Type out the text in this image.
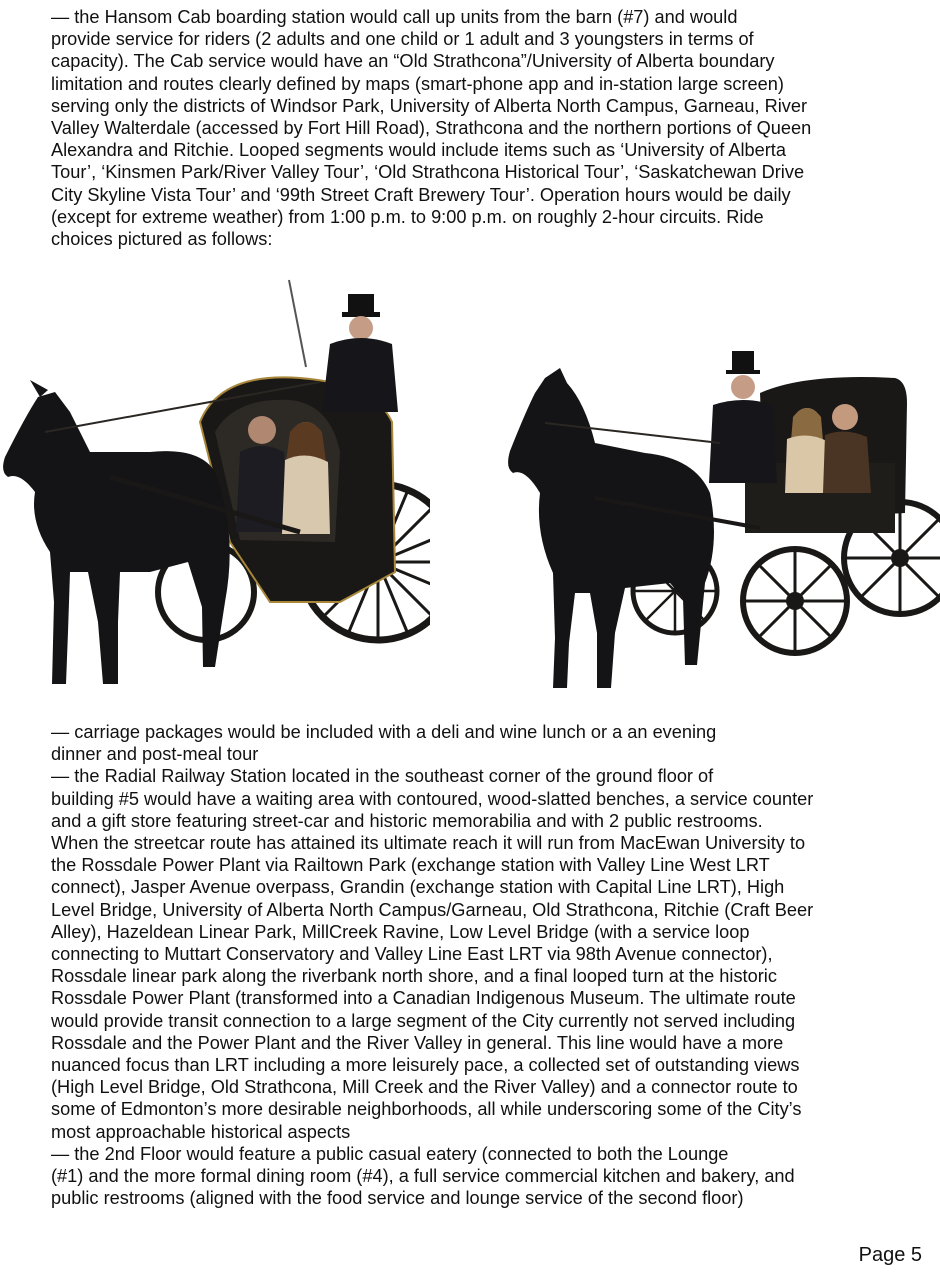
— the Hansom Cab boarding station would call up units from the barn (#7) and would
provide service for riders (2 adults and one child or 1 adult and 3 youngsters in terms of
capacity). The Cab service would have an “Old Strathcona”/University of Alberta boundary
limitation and routes clearly defined by maps (smart-phone app and in-station large screen)
serving only the districts of Windsor Park, University of Alberta North Campus, Garneau, River
Valley Walterdale (accessed by Fort Hill Road), Strathcona and the northern portions of Queen
Alexandra and Ritchie. Looped segments would include items such as ‘University of Alberta
Tour’, ‘Kinsmen Park/River Valley Tour’, ‘Old Strathcona Historical Tour’, ‘Saskatchewan Drive
City Skyline Vista Tour’ and ‘99th Street Craft Brewery Tour’. Operation hours would be daily
(except for extreme weather) from 1:00 p.m. to 9:00 p.m. on roughly 2-hour circuits. Ride
choices pictured as follows:

— carriage packages would be included with a deli and wine lunch or a an evening
dinner and post-meal tour
— the Radial Railway Station located in the southeast corner of the ground floor of
building #5 would have a waiting area with contoured, wood-slatted benches, a service counter
and a gift store featuring street-car and historic memorabilia and with 2 public restrooms.
When the streetcar route has attained its ultimate reach it will run from MacEwan University to
the Rossdale Power Plant via Railtown Park (exchange station with Valley Line West LRT
connect), Jasper Avenue overpass, Grandin (exchange station with Capital Line LRT), High
Level Bridge, University of Alberta North Campus/Garneau, Old Strathcona, Ritchie (Craft Beer
Alley), Hazeldean Linear Park, MillCreek Ravine, Low Level Bridge (with a service loop
connecting to Muttart Conservatory and Valley Line East LRT via 98th Avenue connector),
Rossdale linear park along the riverbank north shore, and a final looped turn at the historic
Rossdale Power Plant (transformed into a Canadian Indigenous Museum. The ultimate route
would provide transit connection to a large segment of the City currently not served including
Rossdale and the Power Plant and the River Valley in general. This line would have a more
nuanced focus than LRT including a more leisurely pace, a collected set of outstanding views
(High Level Bridge, Old Strathcona, Mill Creek and the River Valley) and a connector route to
some of Edmonton’s more desirable neighborhoods, all while underscoring some of the City’s
most approachable historical aspects
— the 2nd Floor would feature a public casual eatery (connected to both the Lounge
(#1) and the more formal dining room (#4), a full service commercial kitchen and bakery, and
public restrooms (aligned with the food service and lounge service of the second floor)

Page 5
